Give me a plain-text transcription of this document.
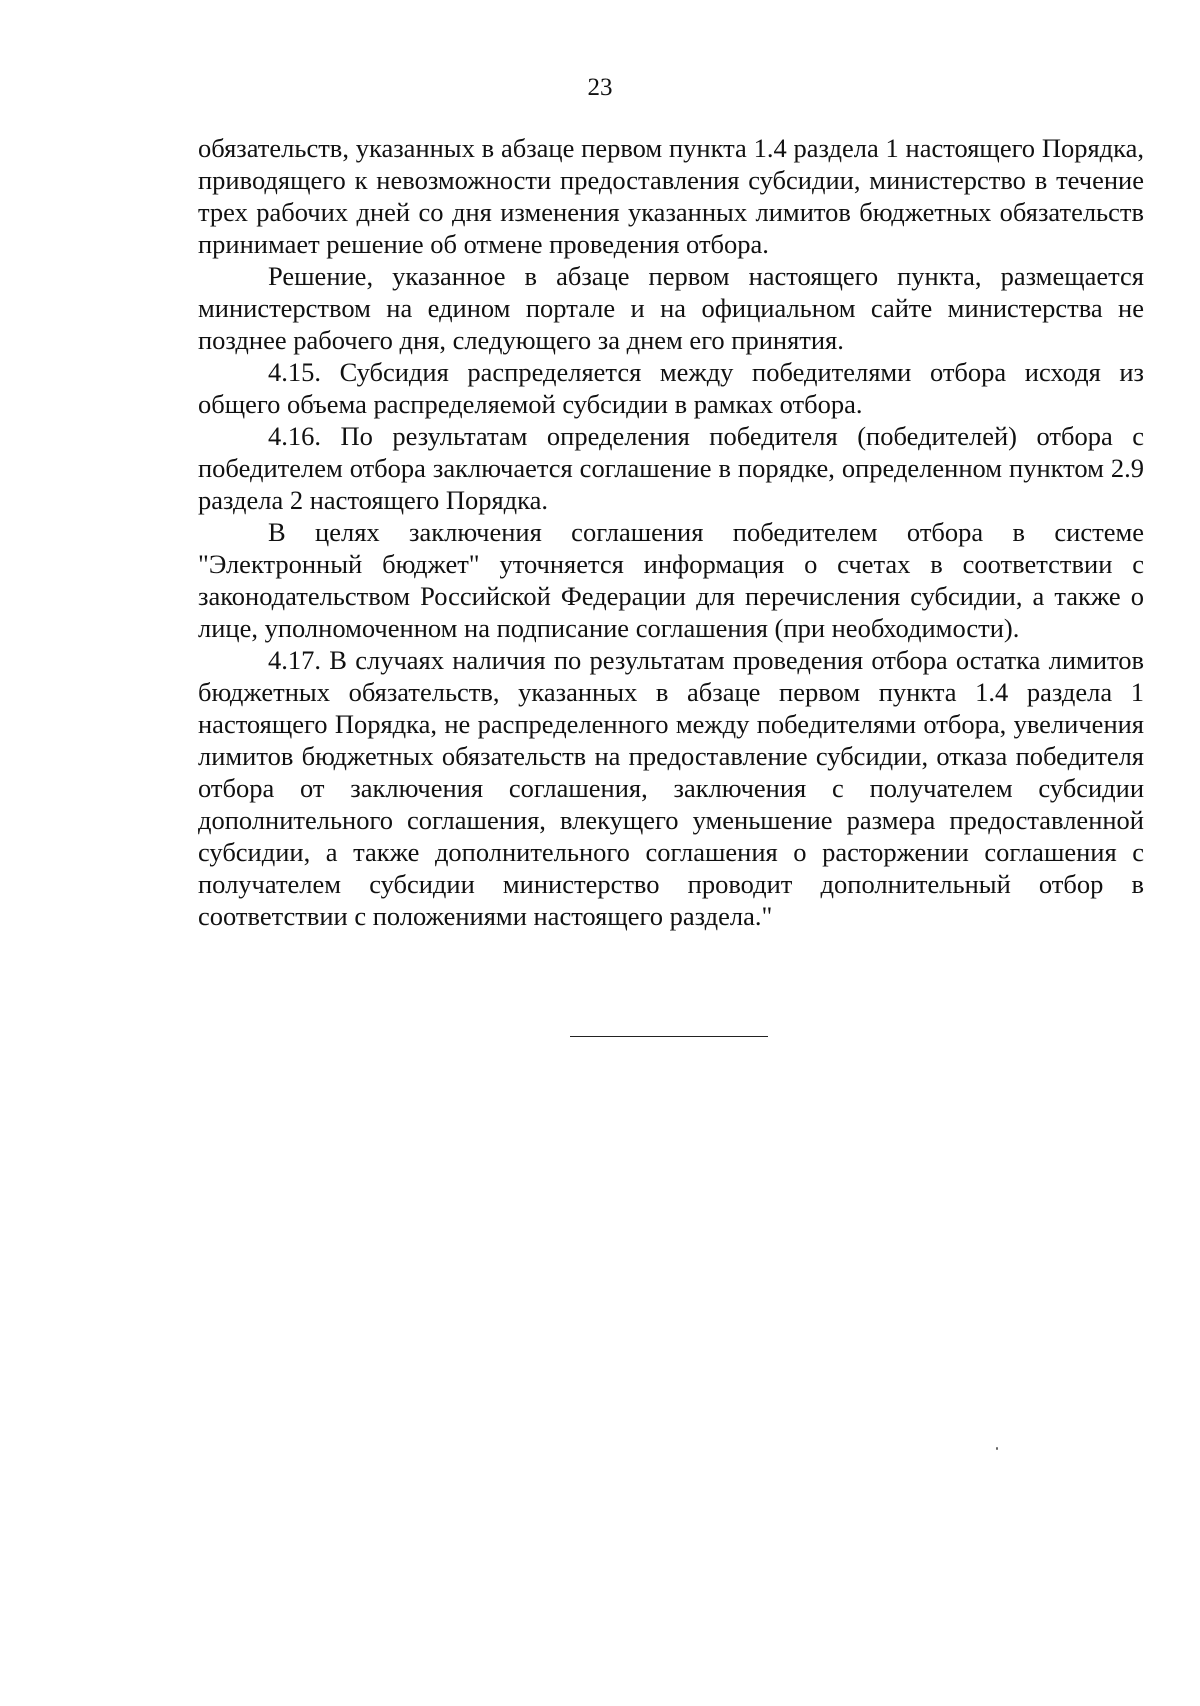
23

обязательств, указанных в абзаце первом пункта 1.4 раздела 1 настоящего Порядка, приводящего к невозможности предоставления субсидии, министерство в течение трех рабочих дней со дня изменения указанных лимитов бюджетных обязательств принимает решение об отмене проведения отбора.

Решение, указанное в абзаце первом настоящего пункта, размещается министерством на едином портале и на официальном сайте министерства не позднее рабочего дня, следующего за днем его принятия.

4.15. Субсидия распределяется между победителями отбора исходя из общего объема распределяемой субсидии в рамках отбора.

4.16. По результатам определения победителя (победителей) отбора с победителем отбора заключается соглашение в порядке, определенном пунктом 2.9 раздела 2 настоящего Порядка.

В целях заключения соглашения победителем отбора в системе "Электронный бюджет" уточняется информация о счетах в соответствии с законодательством Российской Федерации для перечисления субсидии, а также о лице, уполномоченном на подписание соглашения (при необходимости).

4.17. В случаях наличия по результатам проведения отбора остатка лимитов бюджетных обязательств, указанных в абзаце первом пункта 1.4 раздела 1 настоящего Порядка, не распределенного между победителями отбора, увеличения лимитов бюджетных обязательств на предоставление субсидии, отказа победителя отбора от заключения соглашения, заключения с получателем субсидии дополнительного соглашения, влекущего уменьшение размера предоставленной субсидии, а также дополнительного соглашения о расторжении соглашения с получателем субсидии министерство проводит дополнительный отбор в соответствии с положениями настоящего раздела."
